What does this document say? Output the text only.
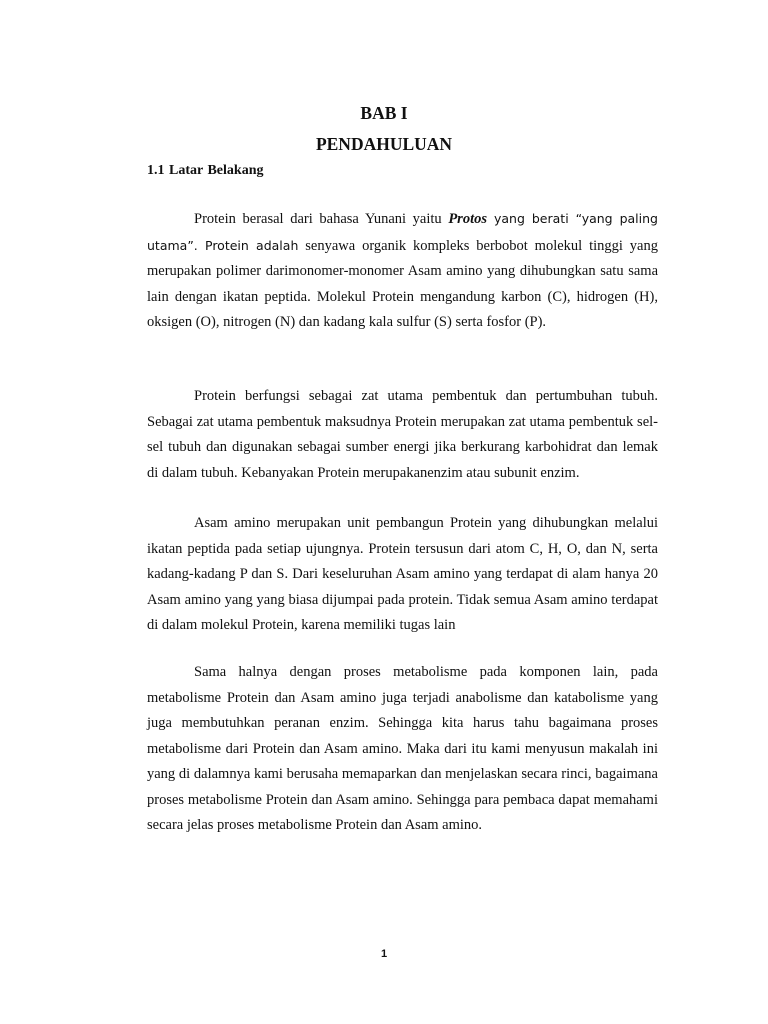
BAB I
PENDAHULUAN
1.1 Latar Belakang

Protein berasal dari bahasa Yunani yaitu Protos yang berati “yang paling utama”. Protein adalah senyawa organik kompleks berbobot molekul tinggi yang merupakan polimer darimonomer-monomer Asam amino yang dihubungkan satu sama lain dengan ikatan peptida. Molekul Protein mengandung karbon (C), hidrogen (H), oksigen (O), nitrogen (N) dan kadang kala sulfur (S) serta fosfor (P).

Protein berfungsi sebagai zat utama pembentuk dan pertumbuhan tubuh. Sebagai zat utama pembentuk maksudnya Protein merupakan zat utama pembentuk sel-sel tubuh dan digunakan sebagai sumber energi jika berkurang karbohidrat dan lemak di dalam tubuh. Kebanyakan Protein merupakanenzim atau subunit enzim.

Asam amino merupakan unit pembangun Protein yang dihubungkan melalui ikatan peptida pada setiap ujungnya. Protein tersusun dari atom C, H, O, dan N, serta kadang-kadang P dan S. Dari keseluruhan Asam amino yang terdapat di alam hanya 20 Asam amino yang yang biasa dijumpai pada protein. Tidak semua Asam amino terdapat di dalam molekul Protein, karena memiliki tugas lain

Sama halnya dengan proses metabolisme pada komponen lain, pada metabolisme Protein dan Asam amino juga terjadi anabolisme dan katabolisme yang juga membutuhkan peranan enzim. Sehingga kita harus tahu bagaimana proses metabolisme dari Protein dan Asam amino. Maka dari itu kami menyusun makalah ini yang di dalamnya kami berusaha memaparkan dan menjelaskan secara rinci, bagaimana proses metabolisme Protein dan Asam amino. Sehingga para pembaca dapat memahami secara jelas proses metabolisme Protein dan Asam amino.

1
